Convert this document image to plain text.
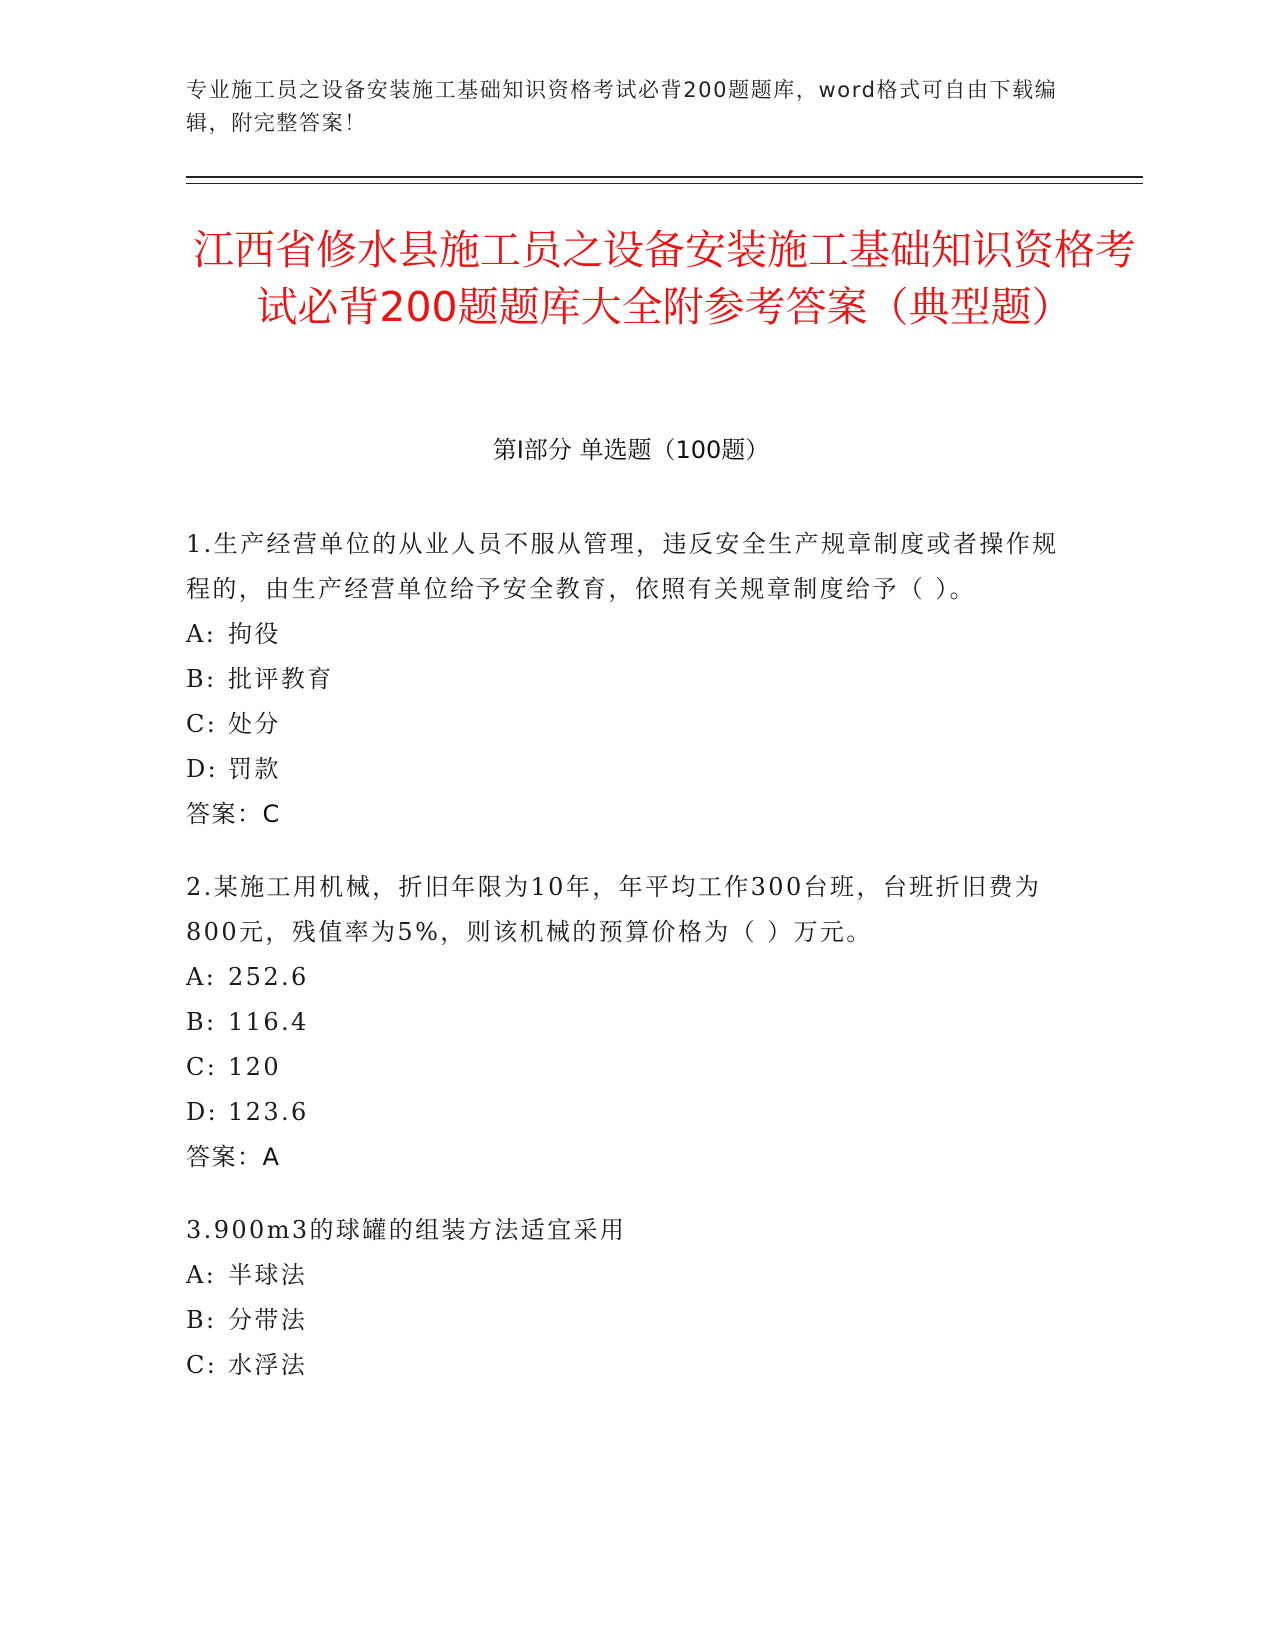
专业施工员之设备安装施工基础知识资格考试必背200题题库，word格式可自由下载编辑，附完整答案！
江西省修水县施工员之设备安装施工基础知识资格考试必背200题题库大全附参考答案（典型题）
第Ⅰ部分 单选题（100题）

1.生产经营单位的从业人员不服从管理，违反安全生产规章制度或者操作规程的，由生产经营单位给予安全教育，依照有关规章制度给予（ ）。

A: 拘役

B: 批评教育

C: 处分

D: 罚款

答案：C

2.某施工用机械，折旧年限为10年，年平均工作300台班，台班折旧费为800元，残值率为5%，则该机械的预算价格为（ ）万元。

A: 252.6

B: 116.4

C: 120

D: 123.6

答案：A

3.900m3的球罐的组装方法适宜采用

A: 半球法

B: 分带法

C: 水浮法
